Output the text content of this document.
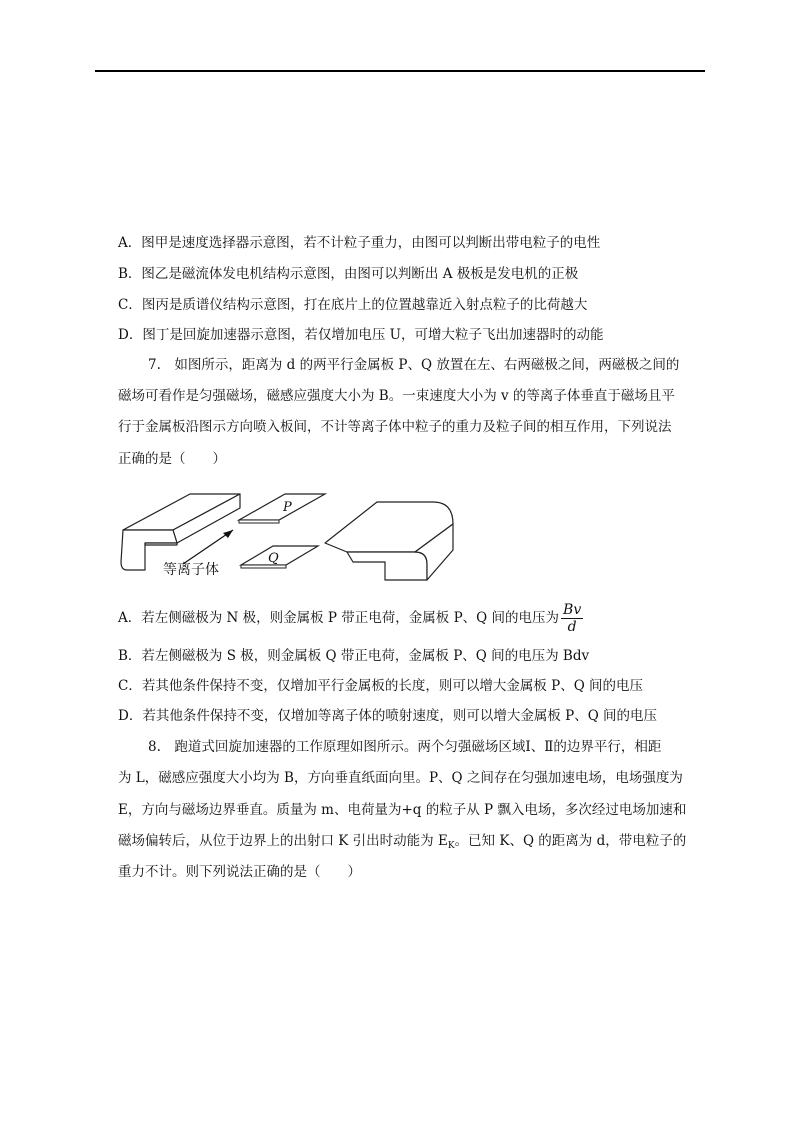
A．图甲是速度选择器示意图，若不计粒子重力，由图可以判断出带电粒子的电性
B．图乙是磁流体发电机结构示意图，由图可以判断出 A 极板是发电机的正极
C．图丙是质谱仪结构示意图，打在底片上的位置越靠近入射点粒子的比荷越大
D．图丁是回旋加速器示意图，若仅增加电压 U，可增大粒子飞出加速器时的动能
7.　如图所示，距离为 d 的两平行金属板 P、Q 放置在左、右两磁极之间，两磁极之间的
磁场可看作是匀强磁场，磁感应强度大小为 B。一束速度大小为 v 的等离子体垂直于磁场且平
行于金属板沿图示方向喷入板间，不计等离子体中粒子的重力及粒子间的相互作用，下列说法
正确的是（　　）
P
Q
等离子体
A．若左侧磁极为 N 极，则金属板 P 带正电荷，金属板 P、Q 间的电压为 $\frac{Bv}{d}$
B．若左侧磁极为 S 极，则金属板 Q 带正电荷，金属板 P、Q 间的电压为 Bdv
C．若其他条件保持不变，仅增加平行金属板的长度，则可以增大金属板 P、Q 间的电压
D．若其他条件保持不变，仅增加等离子体的喷射速度，则可以增大金属板 P、Q 间的电压
8.　跑道式回旋加速器的工作原理如图所示。两个匀强磁场区域Ⅰ、Ⅱ的边界平行，相距
为 L，磁感应强度大小均为 B，方向垂直纸面向里。P、Q 之间存在匀强加速电场，电场强度为
E，方向与磁场边界垂直。质量为 m、电荷量为+q 的粒子从 P 飘入电场，多次经过电场加速和
磁场偏转后，从位于边界上的出射口 K 引出时动能为 $E_K$。已知 K、Q 的距离为 d，带电粒子的
重力不计。则下列说法正确的是（　　）
